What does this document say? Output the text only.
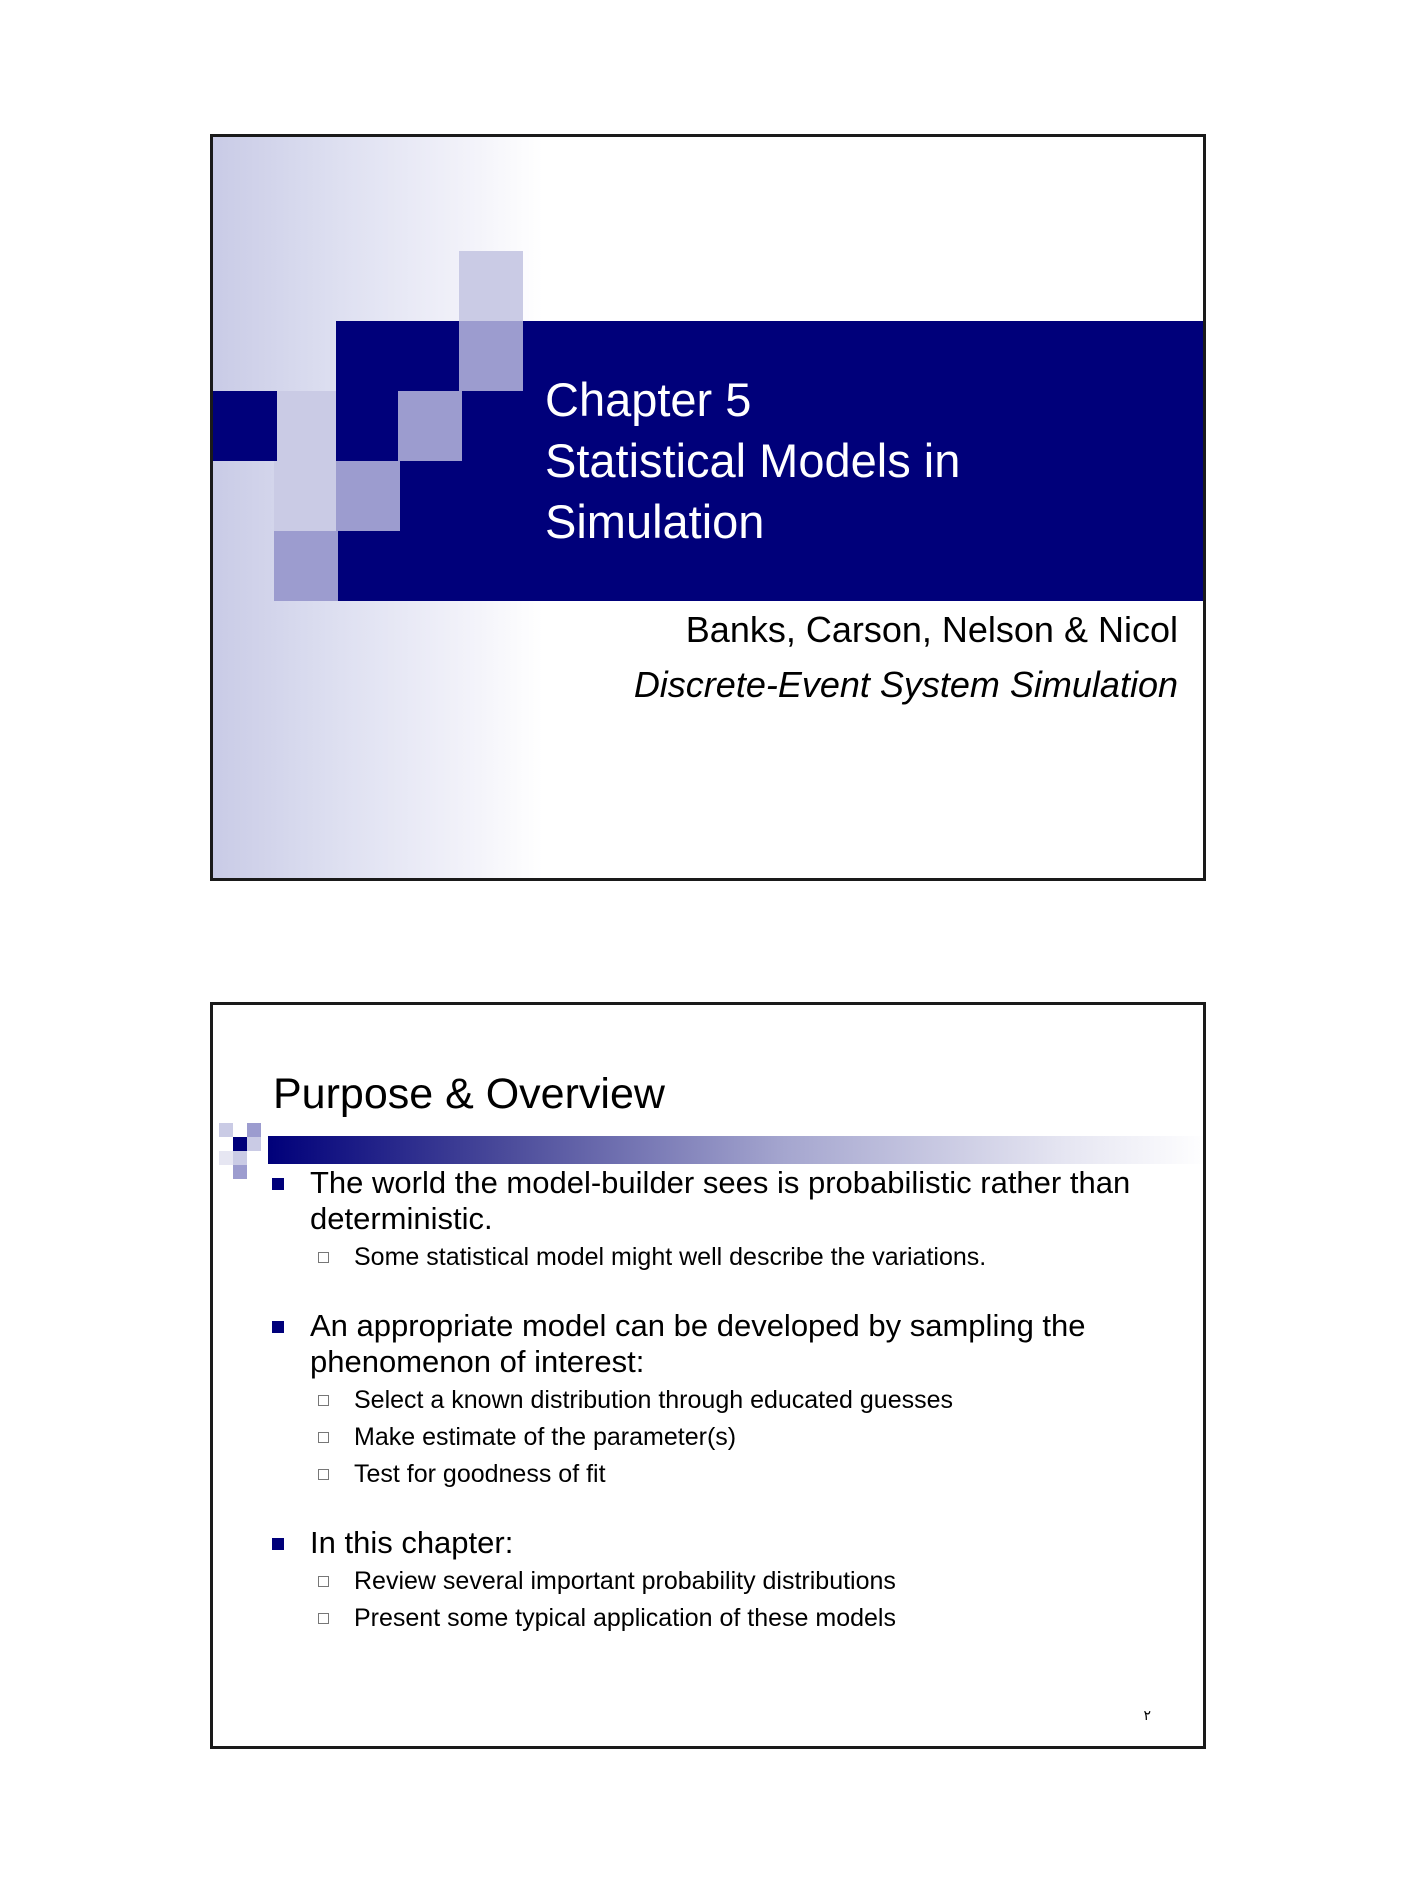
Chapter 5
Statistical Models in
Simulation
Banks, Carson, Nelson & Nicol
Discrete-Event System Simulation
Purpose & Overview
The world the model-builder sees is probabilistic rather than deterministic.
Some statistical model might well describe the variations.
An appropriate model can be developed by sampling the phenomenon of interest:
Select a known distribution through educated guesses
Make estimate of the parameter(s)
Test for goodness of fit
In this chapter:
Review several important probability distributions
Present some typical application of these models
٢
